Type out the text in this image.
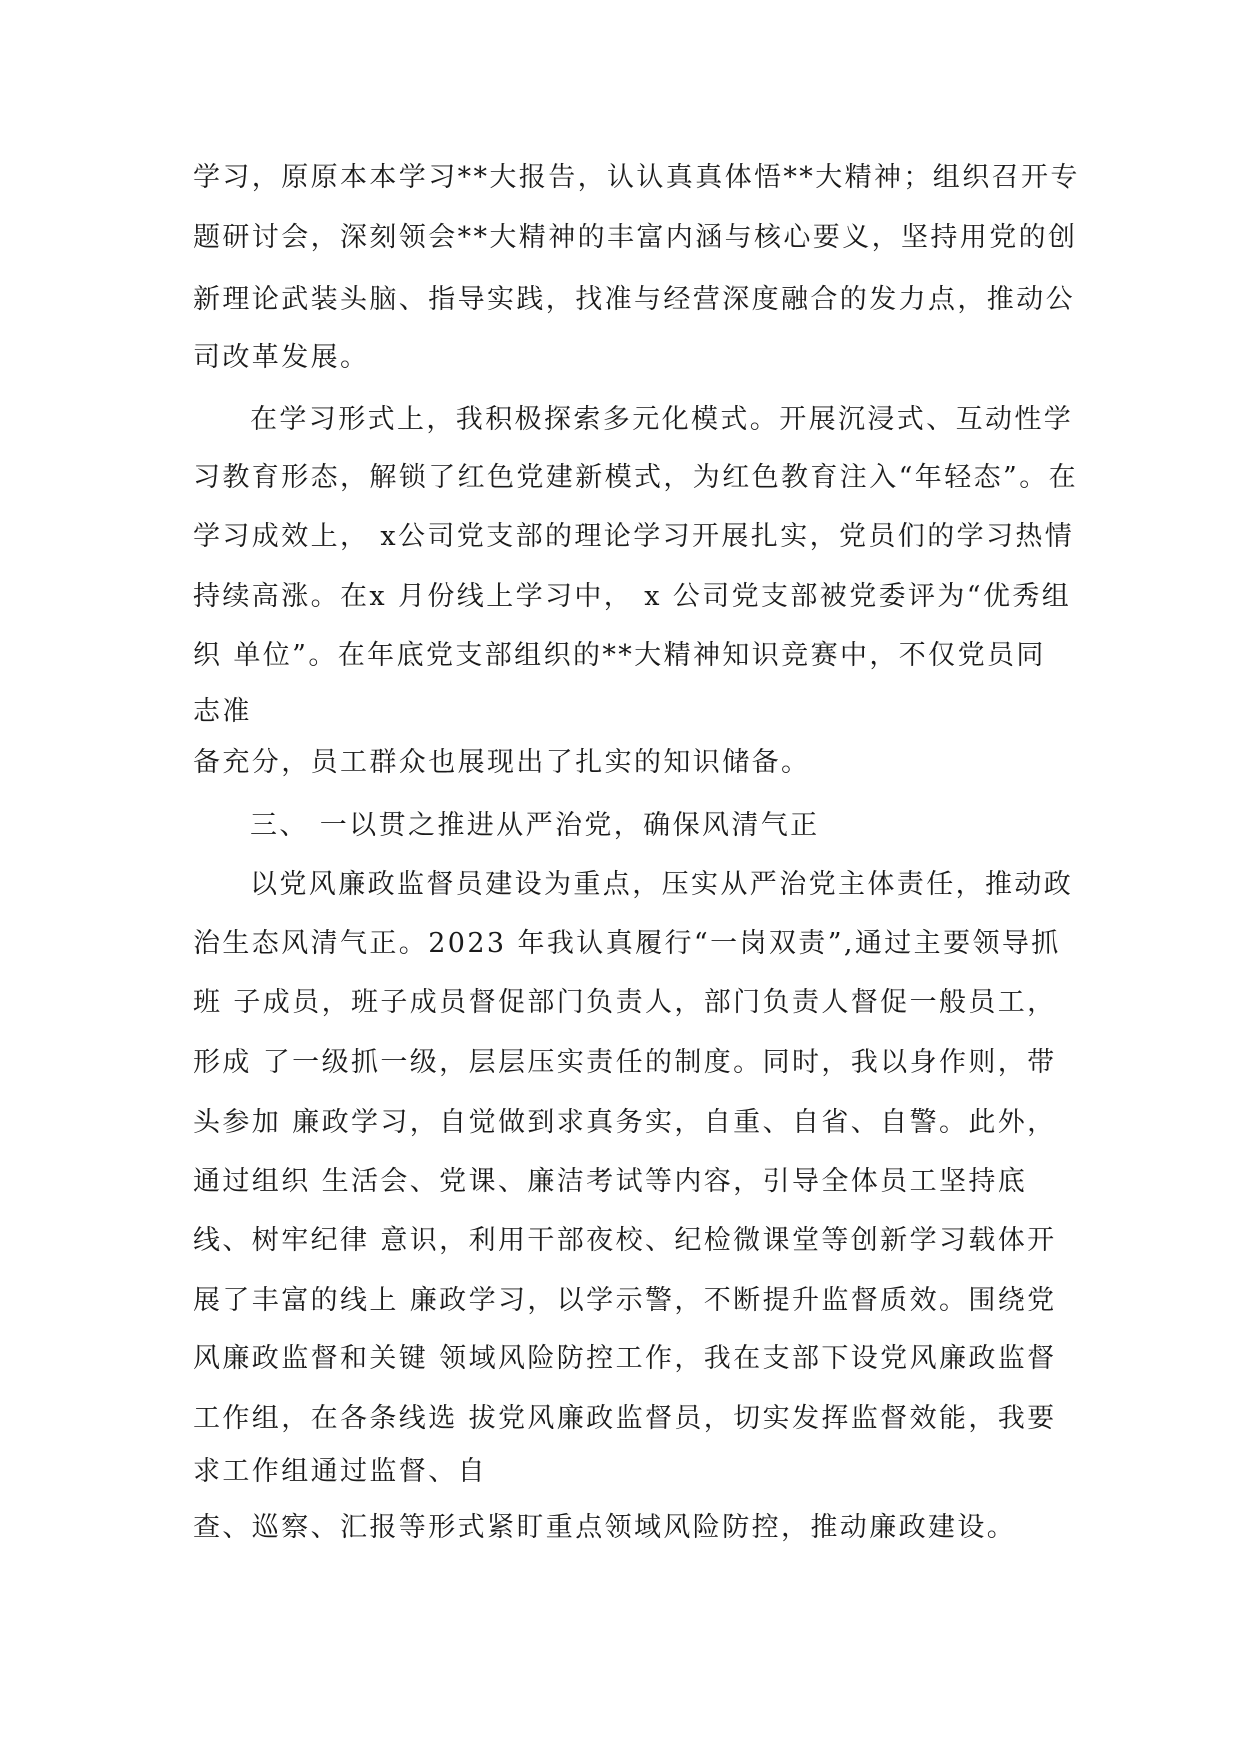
学习，原原本本学习**大报告，认认真真体悟**大精神；组织召开专
题研讨会，深刻领会**大精神的丰富内涵与核心要义，坚持用党的创
新理论武装头脑、指导实践，找准与经营深度融合的发力点，推动公
司改革发展。
在学习形式上，我积极探索多元化模式。开展沉浸式、互动性学
习教育形态，解锁了红色党建新模式，为红色教育注入“年轻态”。在
学习成效上， x公司党支部的理论学习开展扎实，党员们的学习热情
持续高涨。在x 月份线上学习中， x 公司党支部被党委评为“优秀组
织 单位”。在年底党支部组织的**大精神知识竞赛中，不仅党员同
志准
备充分，员工群众也展现出了扎实的知识储备。
三、 一以贯之推进从严治党，确保风清气正
以党风廉政监督员建设为重点，压实从严治党主体责任，推动政
治生态风清气正。2023 年我认真履行“一岗双责”,通过主要领导抓
班 子成员，班子成员督促部门负责人，部门负责人督促一般员工，
形成 了一级抓一级，层层压实责任的制度。同时，我以身作则，带
头参加 廉政学习，自觉做到求真务实，自重、自省、自警。此外，
通过组织 生活会、党课、廉洁考试等内容，引导全体员工坚持底
线、树牢纪律 意识，利用干部夜校、纪检微课堂等创新学习载体开
展了丰富的线上 廉政学习，以学示警，不断提升监督质效。围绕党
风廉政监督和关键 领域风险防控工作，我在支部下设党风廉政监督
工作组，在各条线选 拔党风廉政监督员，切实发挥监督效能，我要
求工作组通过监督、自
查、巡察、汇报等形式紧盯重点领域风险防控，推动廉政建设。
